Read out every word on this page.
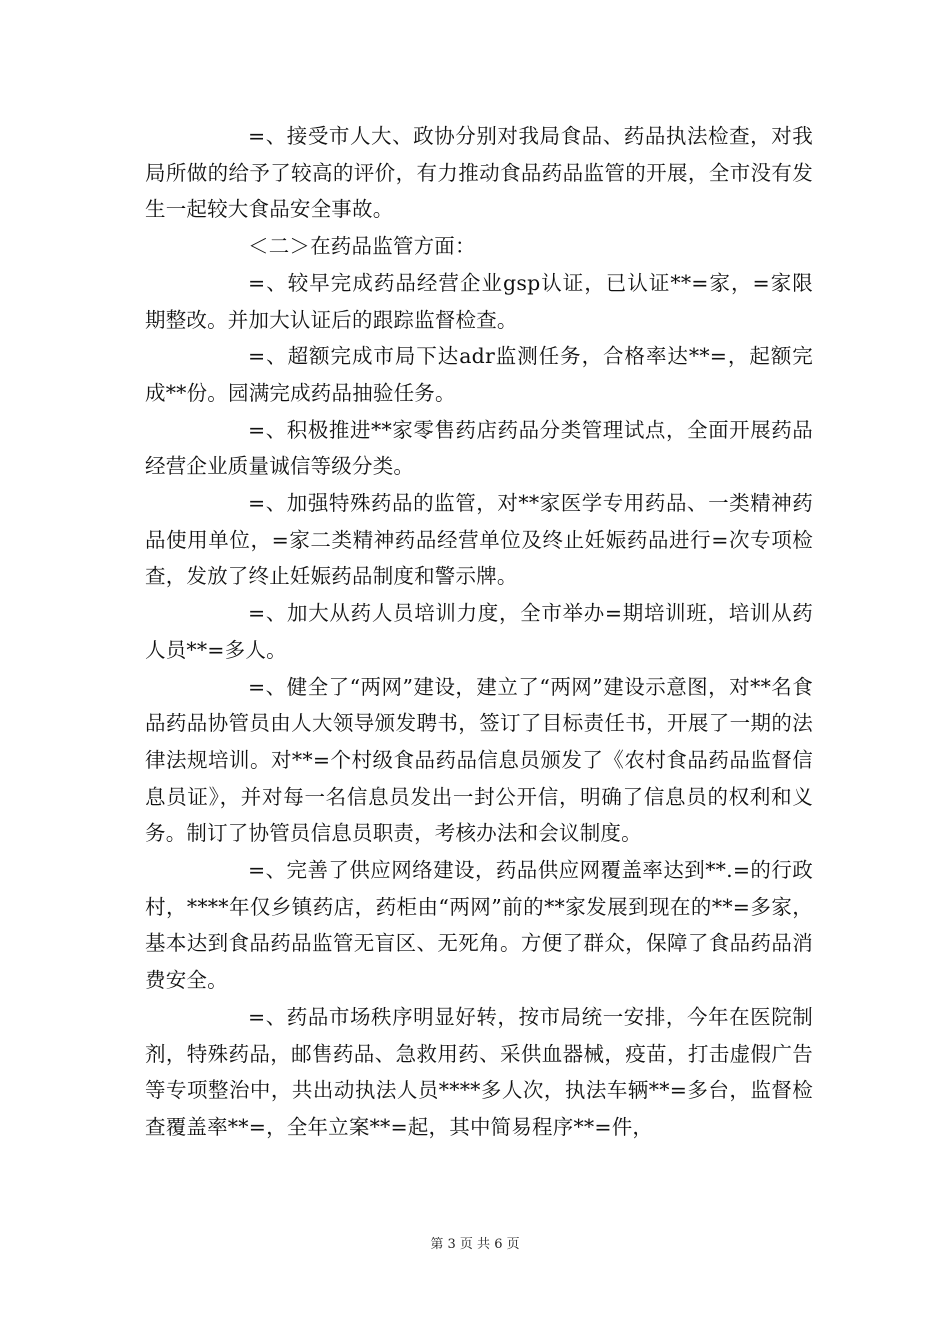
=、接受市人大、政协分别对我局食品、药品执法检查，对我局所做的给予了较高的评价，有力推动食品药品监管的开展，全市没有发生一起较大食品安全事故。

＜二＞在药品监管方面：

=、较早完成药品经营企业gsp认证，已认证**=家，=家限期整改。并加大认证后的跟踪监督检查。

=、超额完成市局下达adr监测任务，合格率达**=，起额完成**份。园满完成药品抽验任务。

=、积极推进**家零售药店药品分类管理试点，全面开展药品经营企业质量诚信等级分类。

=、加强特殊药品的监管，对**家医学专用药品、一类精神药品使用单位，=家二类精神药品经营单位及终止妊娠药品进行=次专项检查，发放了终止妊娠药品制度和警示牌。

=、加大从药人员培训力度，全市举办=期培训班，培训从药人员**=多人。

=、健全了“两网”建设，建立了“两网”建设示意图，对**名食品药品协管员由人大领导颁发聘书，签订了目标责任书，开展了一期的法律法规培训。对**=个村级食品药品信息员颁发了《农村食品药品监督信息员证》，并对每一名信息员发出一封公开信，明确了信息员的权利和义务。制订了协管员信息员职责，考核办法和会议制度。

=、完善了供应网络建设，药品供应网覆盖率达到**.=的行政村，****年仅乡镇药店，药柜由“两网”前的**家发展到现在的**=多家，基本达到食品药品监管无盲区、无死角。方便了群众，保障了食品药品消费安全。

=、药品市场秩序明显好转，按市局统一安排，今年在医院制剂，特殊药品，邮售药品、急救用药、采供血器械，疫苗，打击虚假广告等专项整治中，共出动执法人员****多人次，执法车辆**=多台，监督检查覆盖率**=，全年立案**=起，其中简易程序**=件，

第 3 页 共 6 页
